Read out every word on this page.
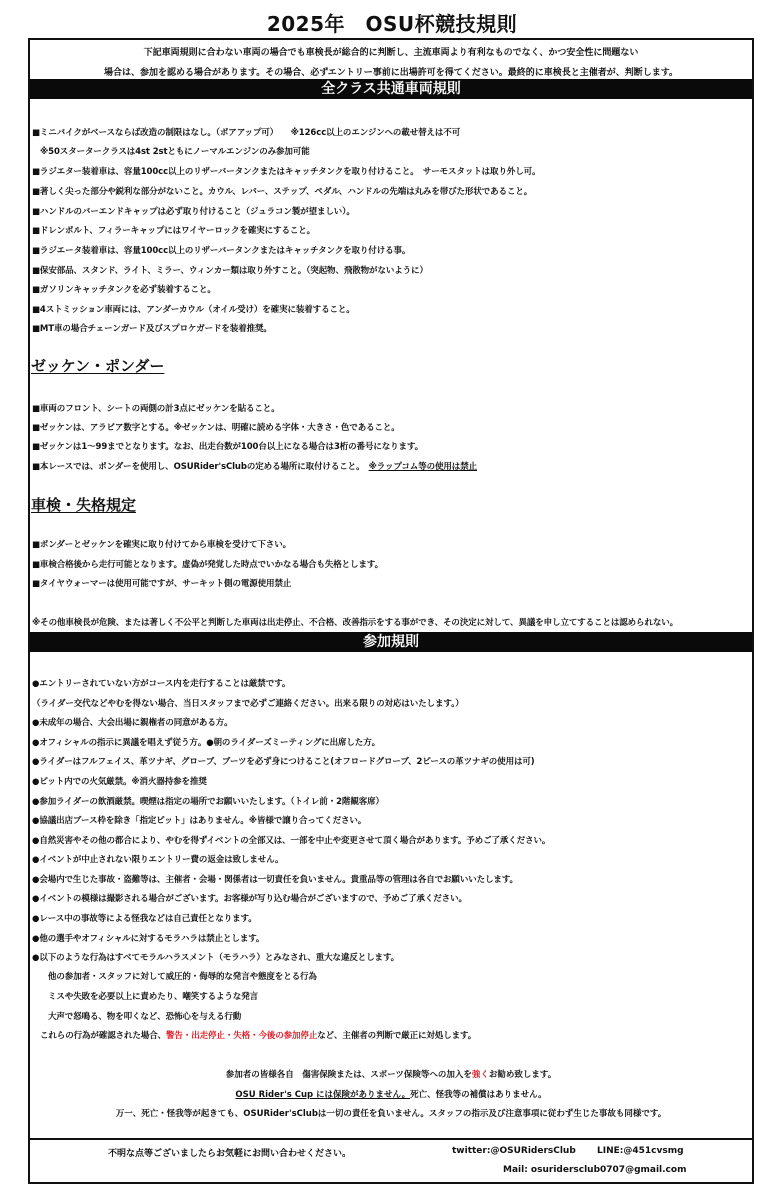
2025年　OSU杯競技規則
下記車両規則に合わない車両の場合でも車検長が総合的に判断し、主流車両より有利なものでなく、かつ安全性に問題ない
場合は、参加を認める場合があります。その場合、必ずエントリー事前に出場許可を得てください。最終的に車検長と主催者が、判断します。
全クラス共通車両規則
■ミニバイクがベースならば改造の制限はなし。（ボアアップ可）　　※126cc以上のエンジンへの載せ替えは不可
※50スタータークラスは4st 2stともにノーマルエンジンのみ参加可能
■ラジエター装着車は、容量100cc以上のリザーバータンクまたはキャッチタンクを取り付けること。　サーモスタットは取り外し可。
■著しく尖った部分や鋭利な部分がないこと。カウル、レバー、ステップ、ペダル、ハンドルの先端は丸みを帯びた形状であること。
■ハンドルのバーエンドキャップは必ず取り付けること（ジュラコン製が望ましい）。
■ドレンボルト、フィラーキャップにはワイヤーロックを確実にすること。
■ラジエータ装着車は、容量100cc以上のリザーバータンクまたはキャッチタンクを取り付ける事。
■保安部品、スタンド、ライト、ミラー、ウィンカー類は取り外すこと。（突起物、飛散物がないように）
■ガソリンキャッチタンクを必ず装着すること。
■4ストミッション車両には、アンダーカウル（オイル受け）を確実に装着すること。
■MT車の場合チェーンガード及びスプロケガードを装着推奨。
ゼッケン・ポンダー
■車両のフロント、シートの両側の計3点にゼッケンを貼ること。
■ゼッケンは、アラビア数字とする。※ゼッケンは、明確に読める字体・大きさ・色であること。
■ゼッケンは1～99までとなります。なお、出走台数が100台以上になる場合は3桁の番号になります。
■本レースでは、ポンダーを使用し、OSURider'sClubの定める場所に取付けること。　※ラップコム等の使用は禁止
車検・失格規定
■ポンダーとゼッケンを確実に取り付けてから車検を受けて下さい。
■車検合格後から走行可能となります。虚偽が発覚した時点でいかなる場合も失格とします。
■タイヤウォーマーは使用可能ですが、サーキット側の電源使用禁止
※その他車検長が危険、または著しく不公平と判断した車両は出走停止、不合格、改善指示をする事ができ、その決定に対して、異議を申し立てすることは認められない。
参加規則
●エントリーされていない方がコース内を走行することは厳禁です。
（ライダー交代などやむを得ない場合、当日スタッフまで必ずご連絡ください。出来る限りの対応はいたします。）
●未成年の場合、大会出場に親権者の同意がある方。
●オフィシャルの指示に異議を唱えず従う方。●朝のライダーズミーティングに出席した方。
●ライダーはフルフェイス、革ツナギ、グローブ、ブーツを必ず身につけること(オフロードグローブ、2ピースの革ツナギの使用は可)
●ピット内での火気厳禁。※消火器持参を推奨
●参加ライダーの飲酒厳禁。喫煙は指定の場所でお願いいたします。（トイレ前・2階観客席）
●協議出店ブース枠を除き「指定ピット」はありません。※皆様で譲り合ってください。
●自然災害やその他の都合により、やむを得ずイベントの全部又は、一部を中止や変更させて頂く場合があります。予めご了承ください。
●イベントが中止されない限りエントリー費の返金は致しません。
●会場内で生じた事故・盗難等は、主催者・会場・関係者は一切責任を負いません。貴重品等の管理は各自でお願いいたします。
●イベントの模様は撮影される場合がございます。お客様が写り込む場合がございますので、予めご了承ください。
●レース中の事故等による怪我などは自己責任となります。
●他の選手やオフィシャルに対するモラハラは禁止とします。
●以下のような行為はすべてモラルハラスメント（モラハラ）とみなされ、重大な違反とします。
他の参加者・スタッフに対して威圧的・侮辱的な発言や態度をとる行為
ミスや失敗を必要以上に責めたり、嘲笑するような発言
大声で怒鳴る、物を叩くなど、恐怖心を与える行動
これらの行為が確認された場合、警告・出走停止・失格・今後の参加停止など、主催者の判断で厳正に対処します。
参加者の皆様各自　傷害保険または、スポーツ保険等への加入を強くお勧め致します。
OSU Rider's Cup には保険がありません。死亡、怪我等の補償はありません。
万一、死亡・怪我等が起きても、OSURider'sClubは一切の責任を負いません。スタッフの指示及び注意事項に従わず生じた事故も同様です。
不明な点等ございましたらお気軽にお問い合わせください。	twitter:@OSURidersClub LINE:@451cvsmg
Mail: osuridersclub0707@gmail.com
